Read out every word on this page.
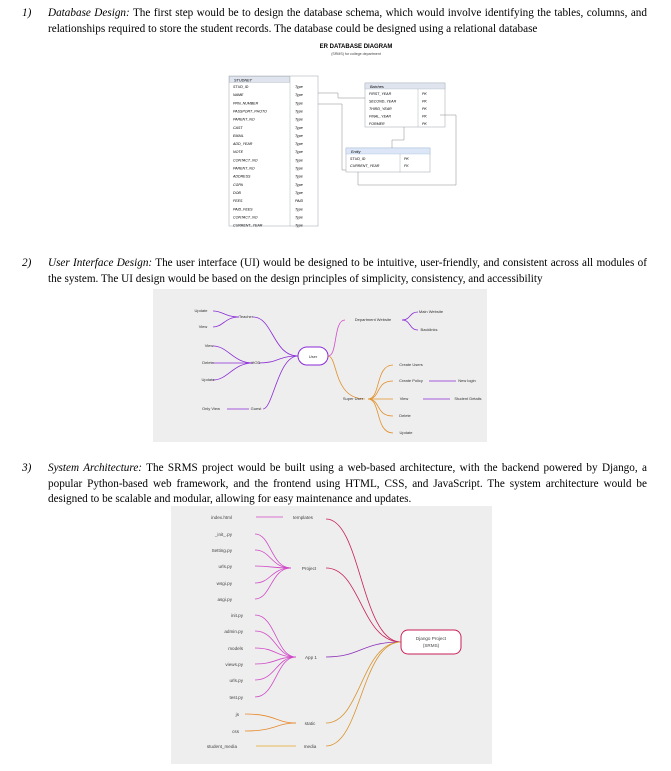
1) Database Design: The first step would be to design the database schema, which would involve identifying the tables, columns, and relationships required to store the student records. The database could be designed using a relational database
ER DATABASE DIAGRAM
(SRMS) for college department
STUDNET
STUD_ID	Type
NAME	Type
PRN_NUMBER	Type
PASSPORT_PHOTO	Type
PARENT_NO	Type
CAST	Type
EMAIL	Type
ADD_YEAR	Type
NOTE	Type
CONTACT_NO	Type
PARENT_NO	Type
ADDRESS	Type
CGPA	Type
DOB	Type
FEES	PAID
PAID_FEES	Type
CONTACT_NO	Type
CURRENT_YEAR	Type
Batches
FIRST_YEAR	PK
SECOND_YEAR	PK
THIRD_YEAR	PK
FINAL_YEAR	PK
FORMER	PK
Entity
STUD_ID	PK
CURRENT_YEAR	FK
2) User Interface Design: The user interface (UI) would be designed to be intuitive, user-friendly, and consistent across all modules of the system. The UI design would be based on the design principles of simplicity, consistency, and accessibility
User
Teacher
HOD
Guest
Department Website
Super User
Update
View
View
Delete
Update
Only View
Main Website
Backlinks
Create Users
Create Policy
View
Delete
Update
New login
Student Details
3) System Architecture: The SRMS project would be built using a web-based architecture, with the backend powered by Django, a popular Python-based web framework, and the frontend using HTML, CSS, and JavaScript. The system architecture would be designed to be scalable and modular, allowing for easy maintenance and updates.
Django Project
(SRMS)
templates
Project
App 1
static
media
index.html
_init_.py
Setting.py
urls.py
wsgi.py
asgi.py
init.py
admin.py
models
views.py
urls.py
test.py
js
css
student_media
